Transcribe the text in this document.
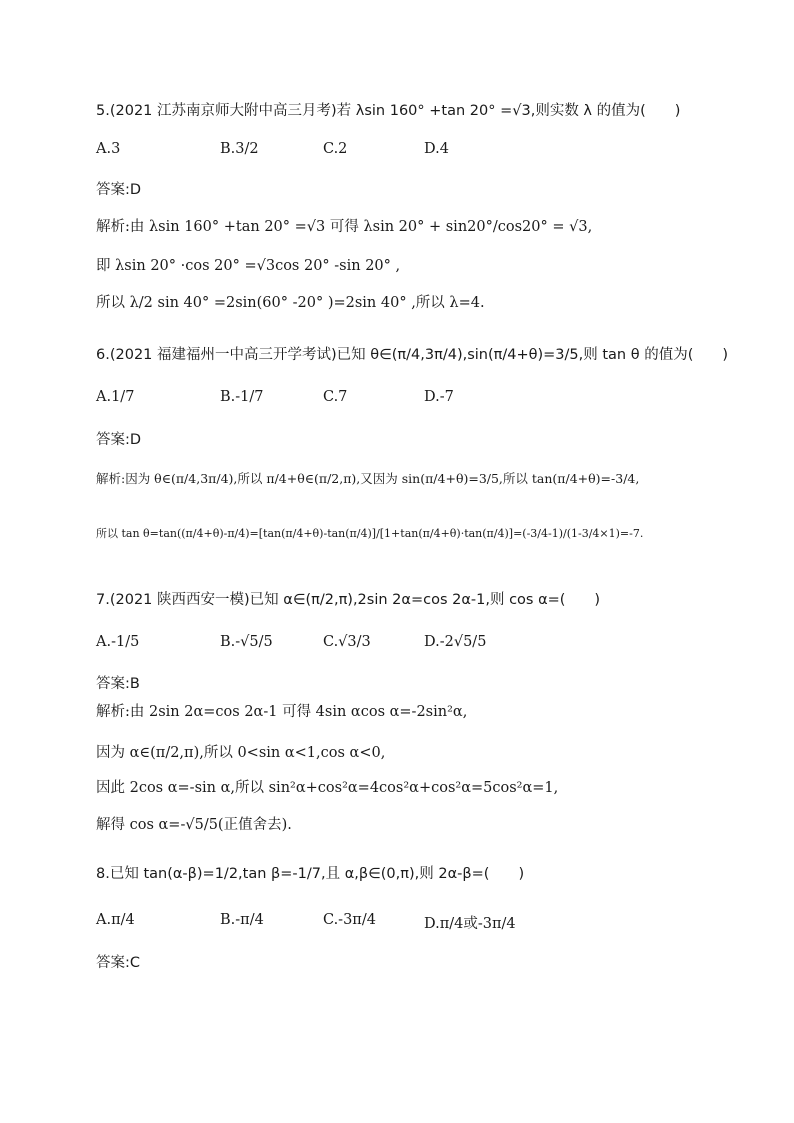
5.(2021 江苏南京师大附中高三月考)若 λsin 160° +tan 20° =√3,则实数 λ 的值为(　　)
A.3	B.3/2	C.2	D.4
答案:D
解析:由 λsin 160° +tan 20° =√3 可得 λsin 20° + sin20°/cos20° = √3,
即 λsin 20° ·cos 20° =√3cos 20° -sin 20° ,
所以 λ/2 sin 40° =2sin(60° -20° )=2sin 40° ,所以 λ=4.
6.(2021 福建福州一中高三开学考试)已知 θ∈(π/4,3π/4),sin(π/4+θ)=3/5,则 tan θ 的值为(　　)
A.1/7	B.-1/7	C.7	D.-7
答案:D
解析:因为 θ∈(π/4,3π/4),所以 π/4+θ∈(π/2,π),又因为 sin(π/4+θ)=3/5,所以 tan(π/4+θ)=-3/4,
所以 tan θ=tan((π/4+θ)-π/4)=[tan(π/4+θ)-tan(π/4)]/[1+tan(π/4+θ)·tan(π/4)]=(-3/4-1)/(1-3/4×1)=-7.
7.(2021 陕西西安一模)已知 α∈(π/2,π),2sin 2α=cos 2α-1,则 cos α=(　　)
A.-1/5	B.-√5/5	C.√3/3	D.-2√5/5
答案:B
解析:由 2sin 2α=cos 2α-1 可得 4sin αcos α=-2sin²α,
因为 α∈(π/2,π),所以 0<sin α<1,cos α<0,
因此 2cos α=-sin α,所以 sin²α+cos²α=4cos²α+cos²α=5cos²α=1,
解得 cos α=-√5/5(正值舍去).
8.已知 tan(α-β)=1/2,tan β=-1/7,且 α,β∈(0,π),则 2α-β=(　　)
A.π/4	B.-π/4	C.-3π/4	D.π/4或-3π/4
答案:C
